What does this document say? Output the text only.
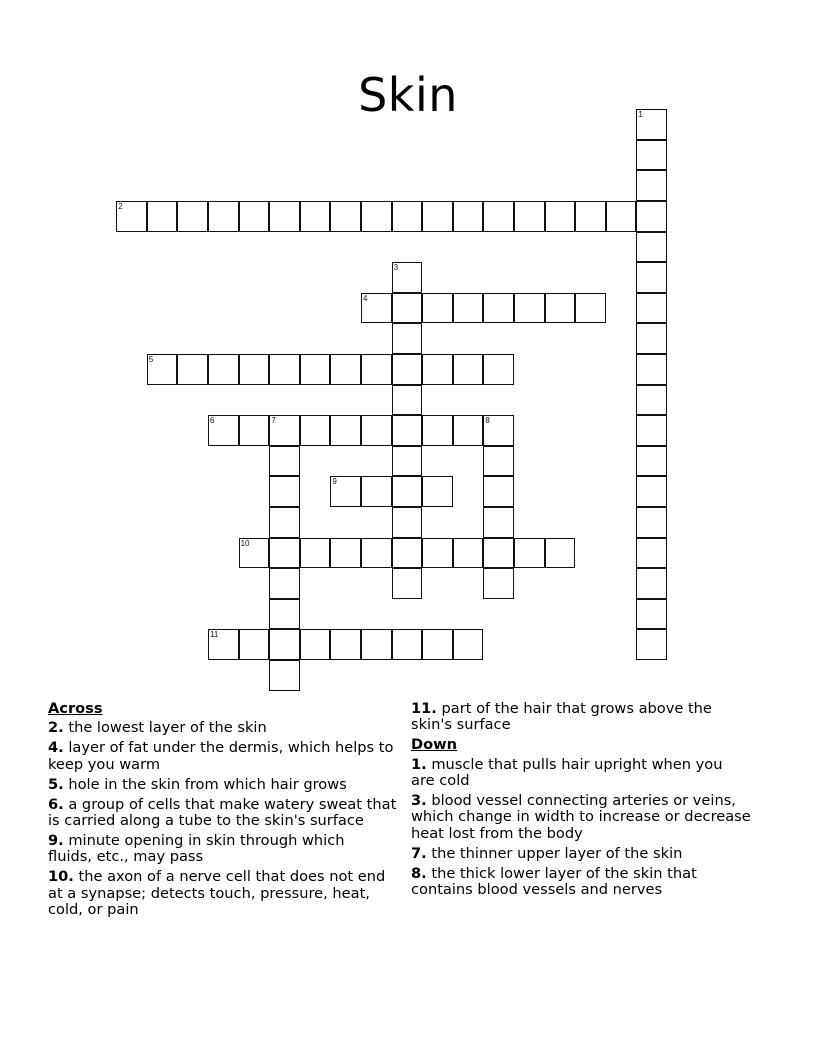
Skin	1
2
3
4
5
6	7	8
9
10
11
Across
2. the lowest layer of the skin
4. layer of fat under the dermis, which helps to keep you warm
5. hole in the skin from which hair grows
6. a group of cells that make watery sweat that is carried along a tube to the skin's surface
9. minute opening in skin through which fluids, etc., may pass
10. the axon of a nerve cell that does not end at a synapse; detects touch, pressure, heat, cold, or pain
11. part of the hair that grows above the skin's surface
Down
1. muscle that pulls hair upright when you are cold
3. blood vessel connecting arteries or veins, which change in width to increase or decrease heat lost from the body
7. the thinner upper layer of the skin
8. the thick lower layer of the skin that contains blood vessels and nerves
